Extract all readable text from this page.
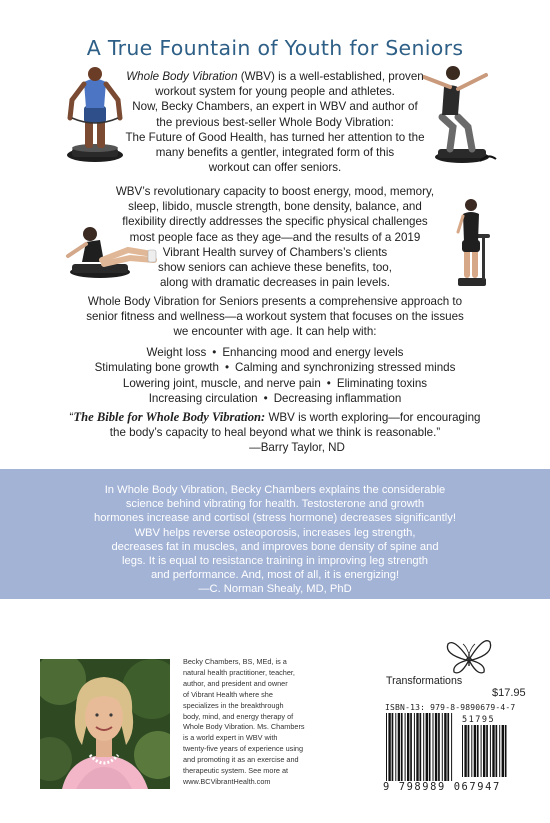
A True Fountain of Youth for Seniors
Whole Body Vibration (WBV) is a well-established, proven
workout system for young people and athletes.
Now, Becky Chambers, an expert in WBV and author of
the previous best-seller Whole Body Vibration:
The Future of Good Health, has turned her attention to the
many benefits a gentler, integrated form of this
workout can offer seniors.
WBV’s revolutionary capacity to boost energy, mood, memory,
sleep, libido, muscle strength, bone density, balance, and
flexibility directly addresses the specific physical challenges
most people face as they age—and the results of a 2019
Vibrant Health survey of Chambers’s clients
show seniors can achieve these benefits, too,
along with dramatic decreases in pain levels.
Whole Body Vibration for Seniors presents a comprehensive approach to
senior fitness and wellness—a workout system that focuses on the issues
we encounter with age. It can help with:
Weight loss • Enhancing mood and energy levels
Stimulating bone growth • Calming and synchronizing stressed minds
Lowering joint, muscle, and nerve pain • Eliminating toxins
Increasing circulation • Decreasing inflammation
“The Bible for Whole Body Vibration: WBV is worth exploring—for encouraging
the body’s capacity to heal beyond what we think is reasonable.”
—Barry Taylor, ND
In Whole Body Vibration, Becky Chambers explains the considerable
science behind vibrating for health. Testosterone and growth
hormones increase and cortisol (stress hormone) decreases significantly!
WBV helps reverse osteoporosis, increases leg strength,
decreases fat in muscles, and improves bone density of spine and
legs. It is equal to resistance training in improving leg strength
and performance. And, most of all, it is energizing!
—C. Norman Shealy, MD, PhD
Becky Chambers, BS, MEd, is a
natural health practitioner, teacher,
author, and president and owner
of Vibrant Health where she
specializes in the breakthrough
body, mind, and energy therapy of
Whole Body Vibration. Ms. Chambers
is a world expert in WBV with
twenty-five years of experience using
and promoting it as an exercise and
therapeutic system. See more at
www.BCVibrantHealth.com
Transformations
$17.95
ISBN-13: 979-8-9890679-4-7
51795
9 798989 067947
